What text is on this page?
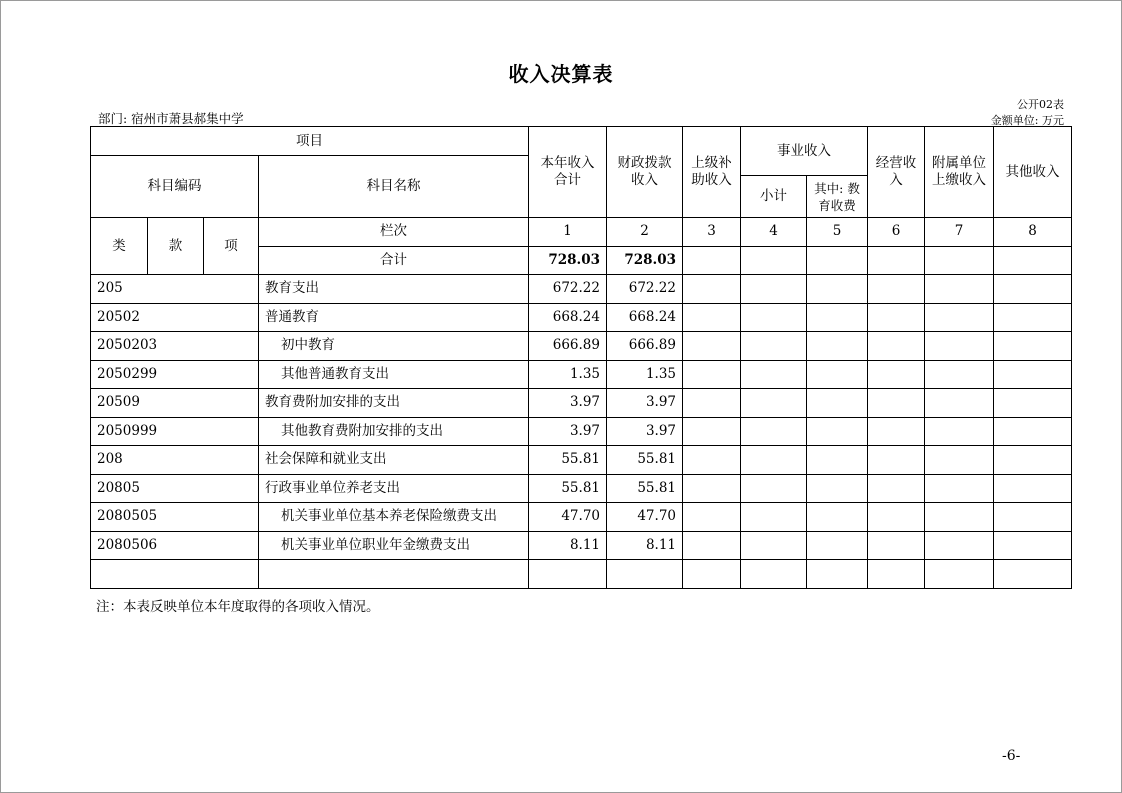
收入决算表
部门: 宿州市萧县郝集中学
公开02表
金额单位: 万元
项目				本年收入合计	财政拨款收入	上级补助收入	事业收入		经营收入	附属单位上缴收入	其他收入
科目编码			科目名称								
							小计	其中: 教育收费			
类	款	项	栏次	1	2	3	4	5	6	7	8
			合计	728.03	728.03						
205			教育支出	672.22	672.22						
20502			普通教育	668.24	668.24						
2050203			初中教育	666.89	666.89						
2050299			其他普通教育支出	1.35	1.35						
20509			教育费附加安排的支出	3.97	3.97						
2050999			其他教育费附加安排的支出	3.97	3.97						
208			社会保障和就业支出	55.81	55.81						
20805			行政事业单位养老支出	55.81	55.81						
2080505			机关事业单位基本养老保险缴费支出	47.70	47.70						
2080506			机关事业单位职业年金缴费支出	8.11	8.11						

注：本表反映单位本年度取得的各项收入情况。
-6-
